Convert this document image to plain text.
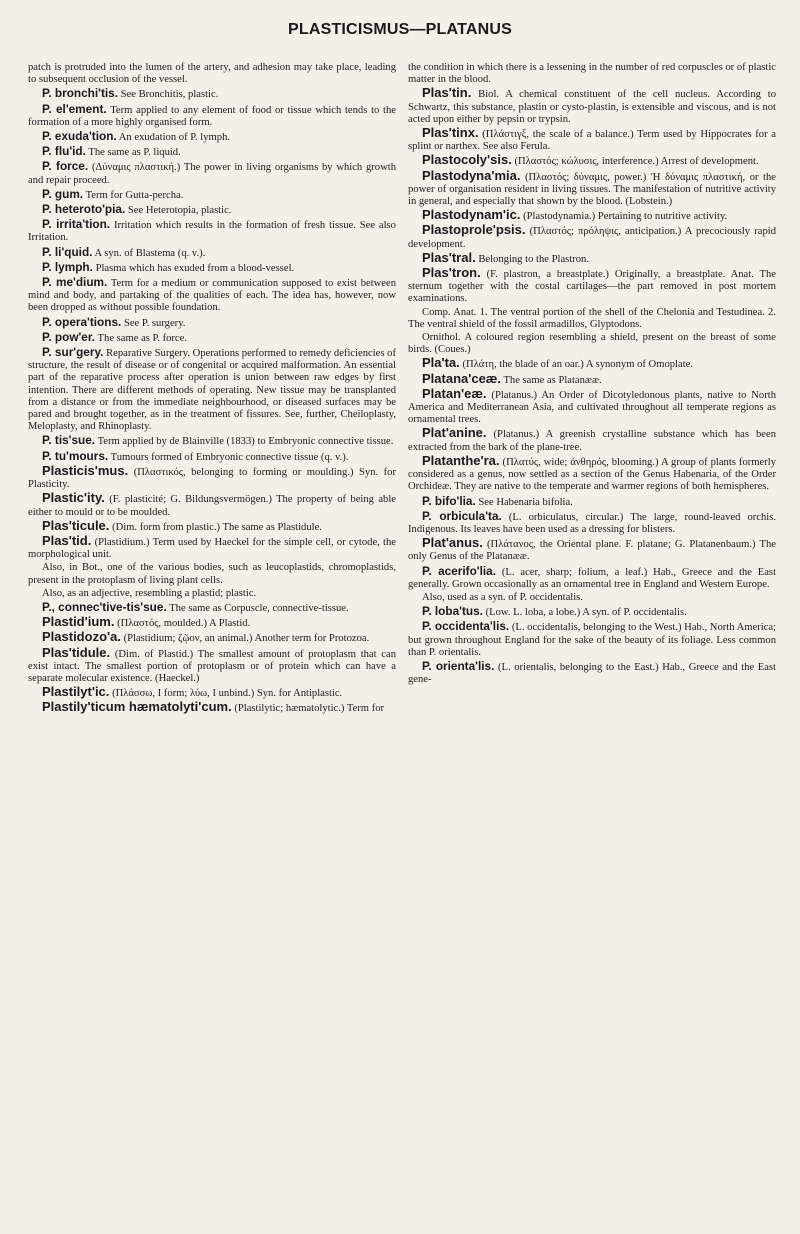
PLASTICISMUS—PLATANUS

patch is protruded into the lumen of the artery, and adhesion may take place, leading to subsequent occlusion of the vessel.

P. bronchi'tis. See Bronchitis, plastic.

P. el'ement. Term applied to any element of food or tissue which tends to the formation of a more highly organised form.

P. exuda'tion. An exudation of P. lymph.

P. flu'id. The same as P. liquid.

P. force. (Δύναμις πλαστική.) The power in living organisms by which growth and repair proceed.

P. gum. Term for Gutta-percha.

P. heteroto'pia. See Heterotopia, plastic.

P. irrita'tion. Irritation which results in the formation of fresh tissue. See also Irritation.

P. li'quid. A syn. of Blastema (q. v.).

P. lymph. Plasma which has exuded from a blood-vessel.

P. me'dium. Term for a medium or communication supposed to exist between mind and body, and partaking of the qualities of each. The idea has, however, now been dropped as without possible foundation.

P. opera'tions. See P. surgery.

P. pow'er. The same as P. force.

P. sur'gery. Reparative Surgery. Operations performed to remedy deficiencies of structure, the result of disease or of congenital or acquired malformation. An essential part of the reparative process after operation is union between raw edges by first intention. There are different methods of operating. New tissue may be transplanted from a distance or from the immediate neighbourhood, or diseased surfaces may be pared and brought together, as in the treatment of fissures. See, further, Cheiloplasty, Meloplasty, and Rhinoplasty.

P. tis'sue. Term applied by de Blainville (1833) to Embryonic connective tissue.

P. tu'mours. Tumours formed of Embryonic connective tissue (q. v.).

Plasticis'mus. (Πλαστικός, belonging to forming or moulding.) Syn. for Plasticity.

Plastic'ity. (F. plasticité; G. Bildungsvermögen.) The property of being able either to mould or to be moulded.

Plas'ticule. (Dim. form from plastic.) The same as Plastidule.

Plas'tid. (Plastidium.) Term used by Haeckel for the simple cell, or cytode, the morphological unit.

Also, in Bot., one of the various bodies, such as leucoplastids, chromoplastids, present in the protoplasm of living plant cells.

Also, as an adjective, resembling a plastid; plastic.

P., connec'tive-tis'sue. The same as Corpuscle, connective-tissue.

Plastid'ium. (Πλαστός, moulded.) A Plastid.

Plastidozo'a. (Plastidium; ζῷον, an animal.) Another term for Protozoa.

Plas'tidule. (Dim. of Plastid.) The smallest amount of protoplasm that can exist intact. The smallest portion of protoplasm or of protein which can have a separate molecular existence. (Haeckel.)

Plastilyt'ic. (Πλάσσω, I form; λύω, I unbind.) Syn. for Antiplastic.

Plastily'ticum hæmatolyti'cum. (Plastilytic; hæmatolytic.) Term for

the condition in which there is a lessening in the number of red corpuscles or of plastic matter in the blood.

Plas'tin. Biol. A chemical constituent of the cell nucleus. According to Schwartz, this substance, plastin or cysto-plastin, is extensible and viscous, and is not acted upon either by pepsin or trypsin.

Plas'tinx. (Πλάστιγξ, the scale of a balance.) Term used by Hippocrates for a splint or narthex. See also Ferula.

Plastocoly'sis. (Πλαστός; κώλυσις, interference.) Arrest of development.

Plastodyna'mia. (Πλαστός; δύναμις, power.) 'Η δύναμις πλαστική, or the power of organisation resident in living tissues. The manifestation of nutritive activity in general, and especially that shown by the blood. (Lobstein.)

Plastodynam'ic. (Plastodynamia.) Pertaining to nutritive activity.

Plastoprole'psis. (Πλαστός; πρόληψις, anticipation.) A precociously rapid development.

Plas'tral. Belonging to the Plastron.

Plas'tron. (F. plastron, a breastplate.) Originally, a breastplate. Anat. The sternum together with the costal cartilages—the part removed in post mortem examinations.

Comp. Anat. 1. The ventral portion of the shell of the Chelonia and Testudinea. 2. The ventral shield of the fossil armadillos, Glyptodons.

Ornithol. A coloured region resembling a shield, present on the breast of some birds. (Coues.)

Pla'ta. (Πλάτη, the blade of an oar.) A synonym of Omoplate.

Platana'ceæ. The same as Platanææ.

Platan'eæ. (Platanus.) An Order of Dicotyledonous plants, native to North America and Mediterranean Asia, and cultivated throughout all temperate regions as ornamental trees.

Plat'anine. (Platanus.) A greenish crystalline substance which has been extracted from the bark of the plane-tree.

Platanthe'ra. (Πλατύς, wide; ἀνθηρός, blooming.) A group of plants formerly considered as a genus, now settled as a section of the Genus Habenaria, of the Order Orchideæ. They are native to the temperate and warmer regions of both hemispheres.

P. bifo'lia. See Habenaria bifolia.

P. orbicula'ta. (L. orbiculatus, circular.) The large, round-leaved orchis. Indigenous. Its leaves have been used as a dressing for blisters.

Plat'anus. (Πλάτανος, the Oriental plane. F. platane; G. Platanenbaum.) The only Genus of the Platanææ.

P. acerifo'lia. (L. acer, sharp; folium, a leaf.) Hab., Greece and the East generally. Grown occasionally as an ornamental tree in England and Western Europe.

Also, used as a syn. of P. occidentalis.

P. loba'tus. (Low. L. loba, a lobe.) A syn. of P. occidentalis.

P. occidenta'lis. (L. occidentalis, belonging to the West.) Hab., North America; but grown throughout England for the sake of the beauty of its foliage. Less common than P. orientalis.

P. orienta'lis. (L. orientalis, belonging to the East.) Hab., Greece and the East gene-
